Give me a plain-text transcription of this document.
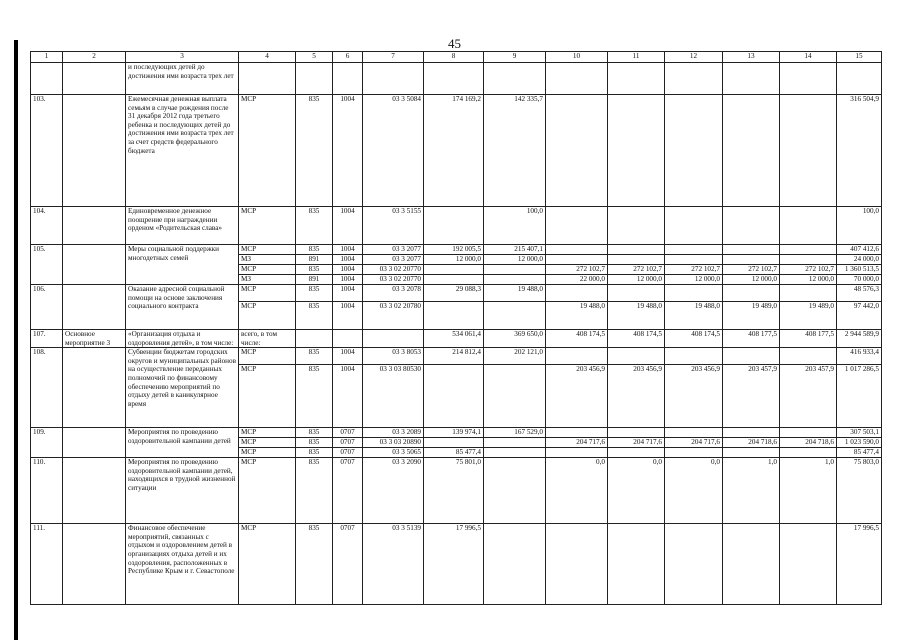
45
1	2	3	4	5	6	7	8	9	10	11	12	13	14	15
		и последующих детей до достижения ими возраста трех лет												
103.		Ежемесячная денежная выплата семьям в случае рождения после 31 декабря 2012 года третьего ребенка и последующих детей до достижения ими возраста трех лет за счет средств федерального бюджета	МСР	835	1004	03 3 5084	174 169,2	142 335,7						316 504,9
104.		Единовременное денежное поощрение при награждении орденом «Родительская слава»	МСР	835	1004	03 3 5155		100,0						100,0
105.		Меры социальной поддержки многодетных семей	МСР	835	1004	03 3 2077	192 005,5	215 407,1						407 412,6
			МЗ	891	1004	03 3 2077	12 000,0	12 000,0						24 000,0
			МСР	835	1004	03 3 02 20770			272 102,7	272 102,7	272 102,7	272 102,7	272 102,7	1 360 513,5
			МЗ	891	1004	03 3 02 20770			22 000,0	12 000,0	12 000,0	12 000,0	12 000,0	70 000,0
106.		Оказание адресной социальной помощи на основе заключения социального контракта	МСР	835	1004	03 3 2078	29 088,3	19 488,0						48 576,3
			МСР	835	1004	03 3 02 20780			19 488,0	19 488,0	19 488,0	19 489,0	19 489,0	97 442,0
107.	Основное мероприятие 3	«Организация отдыха и оздоровления детей», в том числе:	всего, в том числе:				534 061,4	369 650,0	408 174,5	408 174,5	408 174,5	408 177,5	408 177,5	2 944 589,9
108.		Субвенции бюджетам городских округов и муниципальных районов на осуществление переданных полномочий по финансовому обеспечению мероприятий по отдыху детей в каникулярное время	МСР	835	1004	03 3 8053	214 812,4	202 121,0						416 933,4
			МСР	835	1004	03 3 03 80530			203 456,9	203 456,9	203 456,9	203 457,9	203 457,9	1 017 286,5
109.		Мероприятия по проведению оздоровительной кампании детей	МСР	835	0707	03 3 2089	139 974,1	167 529,0						307 503,1
			МСР	835	0707	03 3 03 20890			204 717,6	204 717,6	204 717,6	204 718,6	204 718,6	1 023 590,0
			МСР	835	0707	03 3 5065	85 477,4							85 477,4
110.		Мероприятия по проведению оздоровительной кампании детей, находящихся в трудной жизненной ситуации	МСР	835	0707	03 3 2090	75 801,0		0,0	0,0	0,0	1,0	1,0	75 803,0
111.		Финансовое обеспечение мероприятий, связанных с отдыхом и оздоровлением детей в организациях отдыха детей и их оздоровления, расположенных в Республике Крым и г. Севастополе	МСР	835	0707	03 3 5139	17 996,5							17 996,5
